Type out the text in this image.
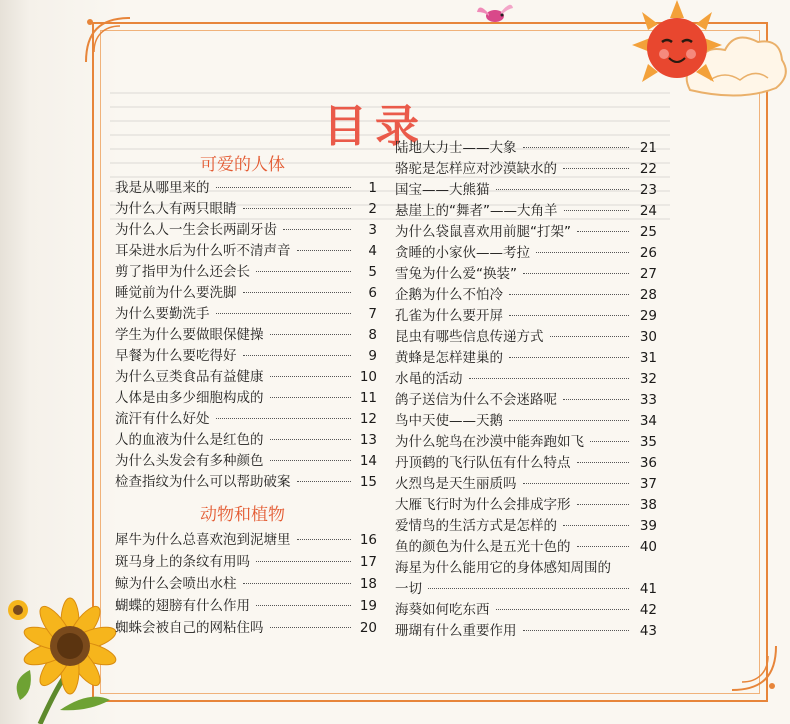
目录
可爱的人体
我是从哪里来的	1
为什么人有两只眼睛	2
为什么人一生会长两副牙齿	3
耳朵进水后为什么听不清声音	4
剪了指甲为什么还会长	5
睡觉前为什么要洗脚	6
为什么要勤洗手	7
学生为什么要做眼保健操	8
早餐为什么要吃得好	9
为什么豆类食品有益健康	10
人体是由多少细胞构成的	11
流汗有什么好处	12
人的血液为什么是红色的	13
为什么头发会有多种颜色	14
检查指纹为什么可以帮助破案	15
动物和植物
犀牛为什么总喜欢泡到泥塘里	16
斑马身上的条纹有用吗	17
鲸为什么会喷出水柱	18
蝴蝶的翅膀有什么作用	19
蜘蛛会被自己的网粘住吗	20
陆地大力士——大象	21
骆驼是怎样应对沙漠缺水的	22
国宝——大熊猫	23
悬崖上的“舞者”——大角羊	24
为什么袋鼠喜欢用前腿“打架”	25
贪睡的小家伙——考拉	26
雪兔为什么爱“换装”	27
企鹅为什么不怕冷	28
孔雀为什么要开屏	29
昆虫有哪些信息传递方式	30
黄蜂是怎样建巢的	31
水黾的活动	32
鸽子送信为什么不会迷路呢	33
鸟中天使——天鹅	34
为什么鸵鸟在沙漠中能奔跑如飞	35
丹顶鹤的飞行队伍有什么特点	36
火烈鸟是天生丽质吗	37
大雁飞行时为什么会排成字形	38
爱情鸟的生活方式是怎样的	39
鱼的颜色为什么是五光十色的	40
海星为什么能用它的身体感知周围的
一切	41
海葵如何吃东西	42
珊瑚有什么重要作用	43
